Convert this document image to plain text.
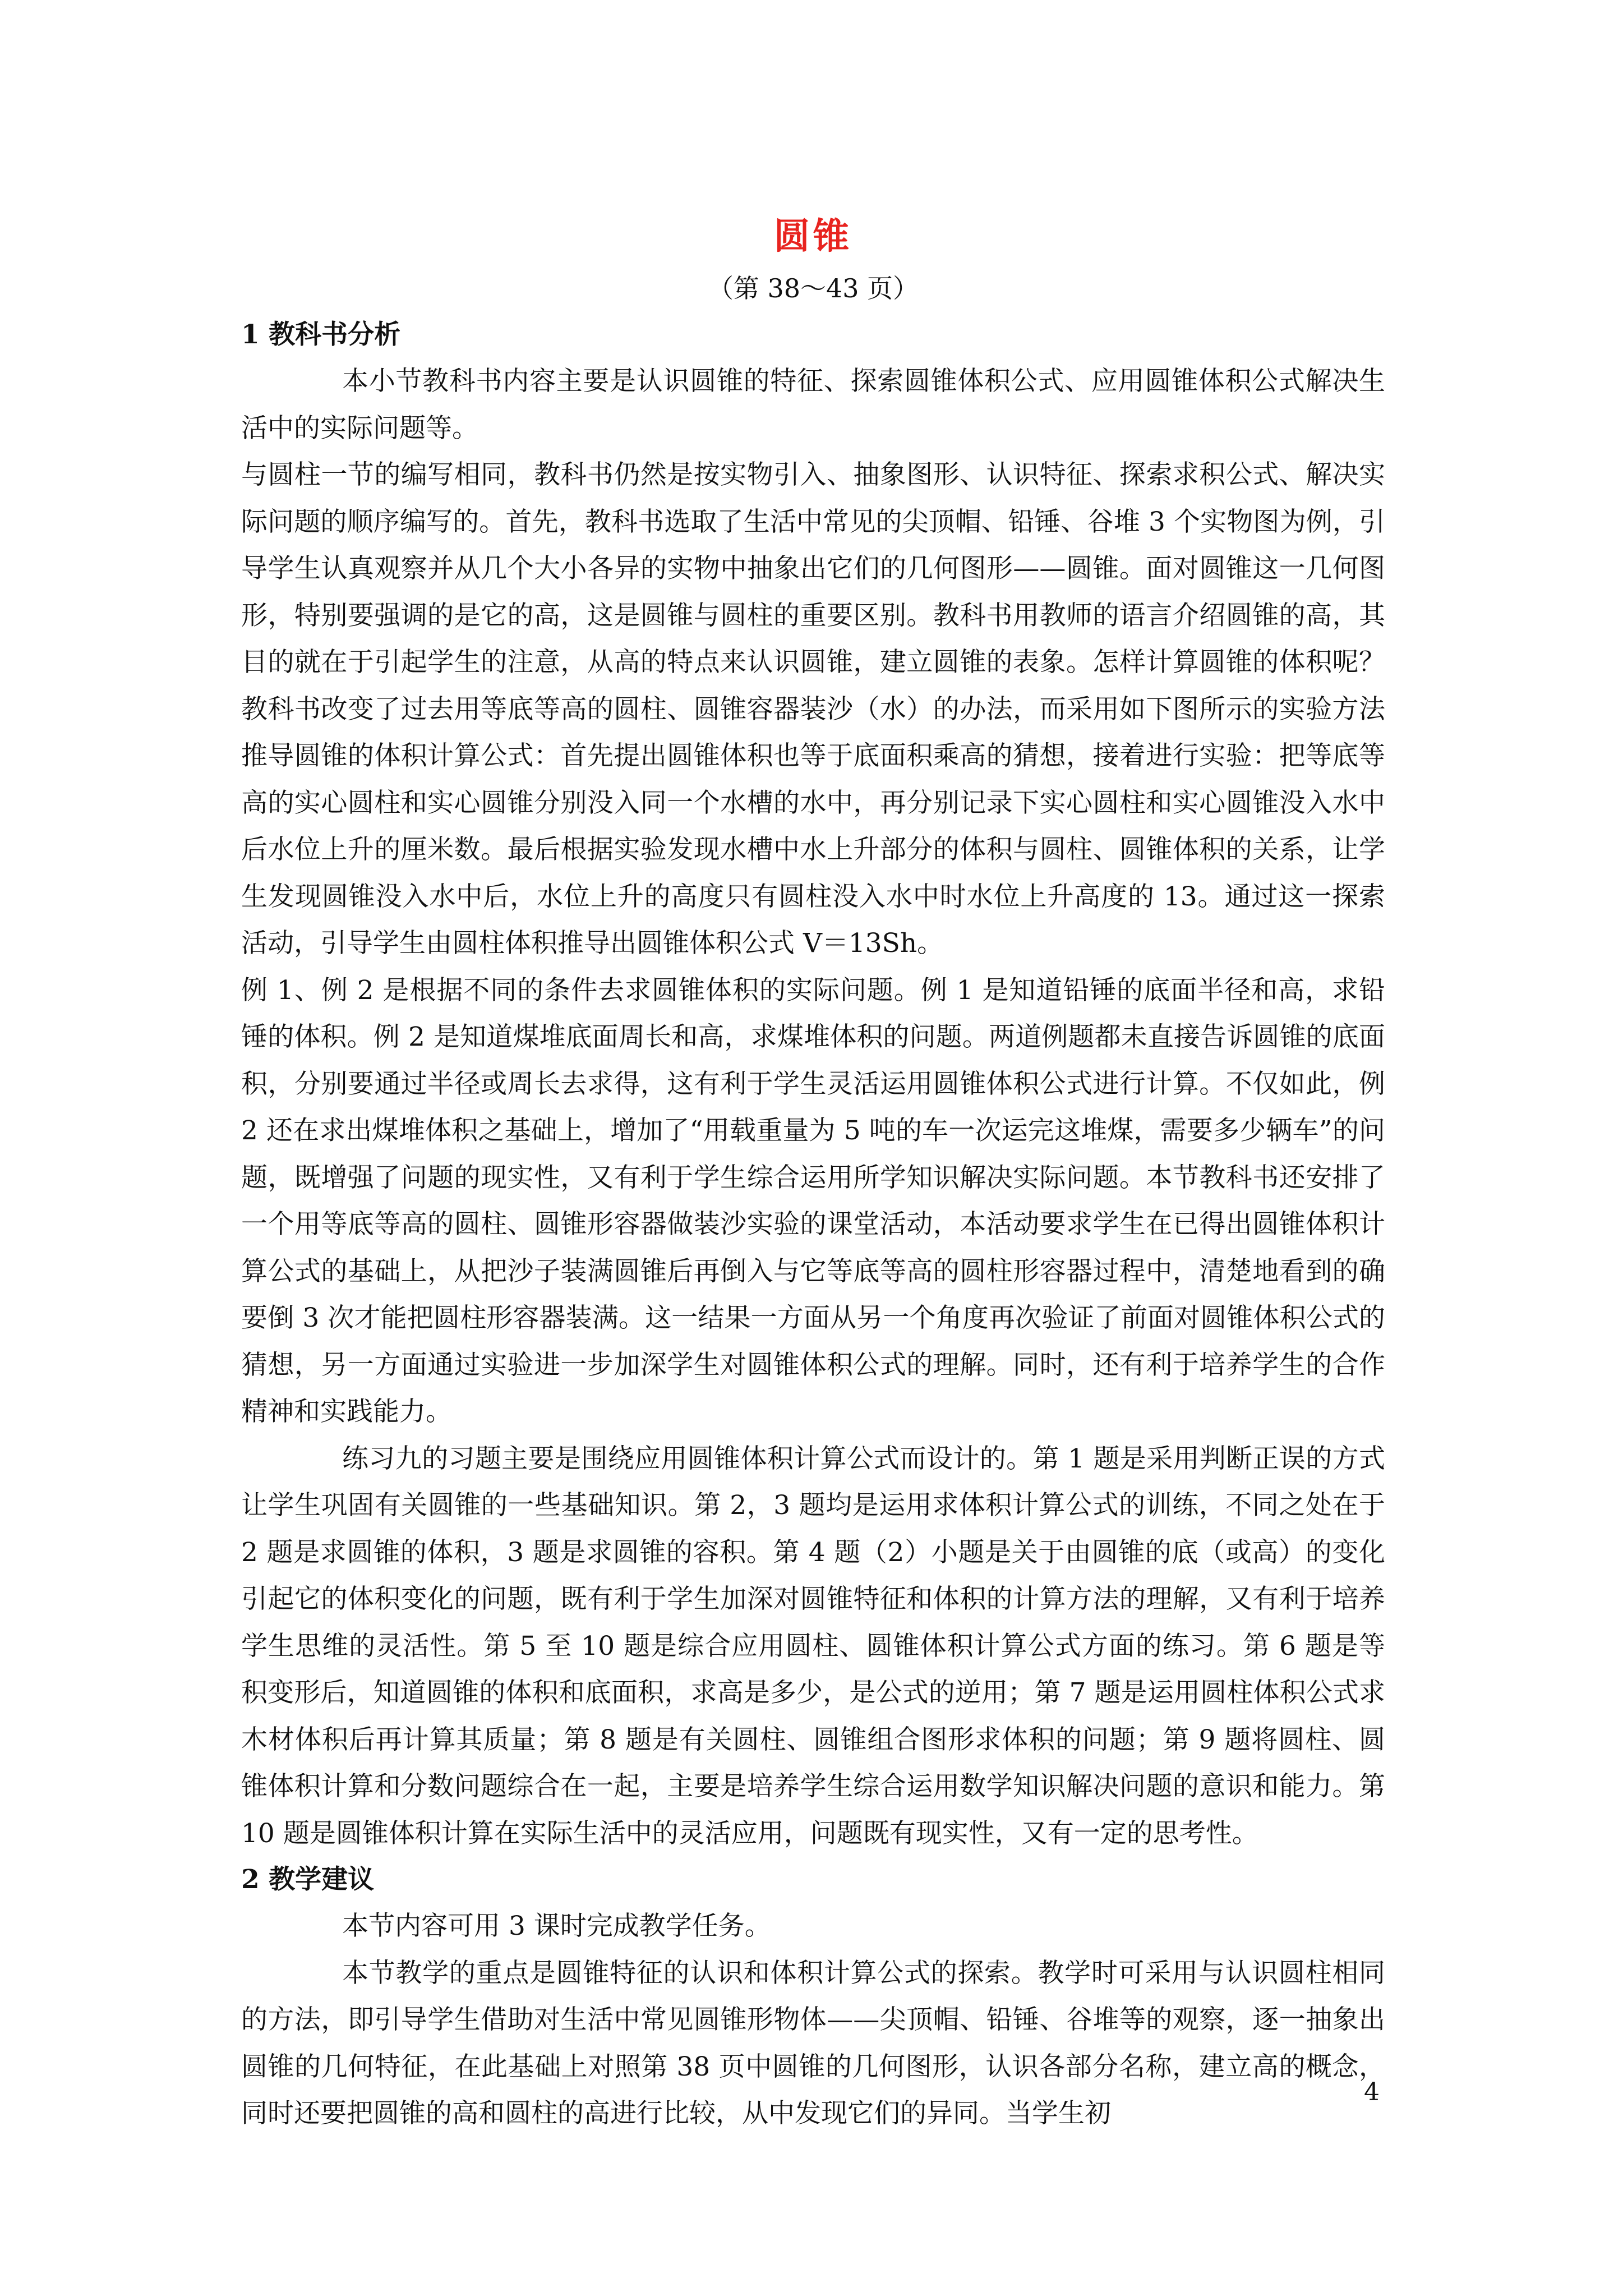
圆锥

（第 38～43 页）

1 教科书分析

本小节教科书内容主要是认识圆锥的特征、探索圆锥体积公式、应用圆锥体积公式解决生活中的实际问题等。

与圆柱一节的编写相同，教科书仍然是按实物引入、抽象图形、认识特征、探索求积公式、解决实际问题的顺序编写的。首先，教科书选取了生活中常见的尖顶帽、铅锤、谷堆 3 个实物图为例，引导学生认真观察并从几个大小各异的实物中抽象出它们的几何图形——圆锥。面对圆锥这一几何图形，特别要强调的是它的高，这是圆锥与圆柱的重要区别。教科书用教师的语言介绍圆锥的高，其目的就在于引起学生的注意，从高的特点来认识圆锥，建立圆锥的表象。怎样计算圆锥的体积呢？教科书改变了过去用等底等高的圆柱、圆锥容器装沙（水）的办法，而采用如下图所示的实验方法推导圆锥的体积计算公式：首先提出圆锥体积也等于底面积乘高的猜想，接着进行实验：把等底等高的实心圆柱和实心圆锥分别没入同一个水槽的水中，再分别记录下实心圆柱和实心圆锥没入水中后水位上升的厘米数。最后根据实验发现水槽中水上升部分的体积与圆柱、圆锥体积的关系，让学生发现圆锥没入水中后，水位上升的高度只有圆柱没入水中时水位上升高度的 13。通过这一探索活动，引导学生由圆柱体积推导出圆锥体积公式 V＝13Sh。

例 1、例 2 是根据不同的条件去求圆锥体积的实际问题。例 1 是知道铅锤的底面半径和高，求铅锤的体积。例 2 是知道煤堆底面周长和高，求煤堆体积的问题。两道例题都未直接告诉圆锥的底面积，分别要通过半径或周长去求得，这有利于学生灵活运用圆锥体积公式进行计算。不仅如此，例 2 还在求出煤堆体积之基础上，增加了“用载重量为 5 吨的车一次运完这堆煤，需要多少辆车”的问题，既增强了问题的现实性，又有利于学生综合运用所学知识解决实际问题。本节教科书还安排了一个用等底等高的圆柱、圆锥形容器做装沙实验的课堂活动，本活动要求学生在已得出圆锥体积计算公式的基础上，从把沙子装满圆锥后再倒入与它等底等高的圆柱形容器过程中，清楚地看到的确要倒 3 次才能把圆柱形容器装满。这一结果一方面从另一个角度再次验证了前面对圆锥体积公式的猜想，另一方面通过实验进一步加深学生对圆锥体积公式的理解。同时，还有利于培养学生的合作精神和实践能力。

练习九的习题主要是围绕应用圆锥体积计算公式而设计的。第 1 题是采用判断正误的方式让学生巩固有关圆锥的一些基础知识。第 2，3 题均是运用求体积计算公式的训练，不同之处在于 2 题是求圆锥的体积，3 题是求圆锥的容积。第 4 题（2）小题是关于由圆锥的底（或高）的变化引起它的体积变化的问题，既有利于学生加深对圆锥特征和体积的计算方法的理解，又有利于培养学生思维的灵活性。第 5 至 10 题是综合应用圆柱、圆锥体积计算公式方面的练习。第 6 题是等积变形后，知道圆锥的体积和底面积，求高是多少，是公式的逆用；第 7 题是运用圆柱体积公式求木材体积后再计算其质量；第 8 题是有关圆柱、圆锥组合图形求体积的问题；第 9 题将圆柱、圆锥体积计算和分数问题综合在一起，主要是培养学生综合运用数学知识解决问题的意识和能力。第 10 题是圆锥体积计算在实际生活中的灵活应用，问题既有现实性，又有一定的思考性。

2 教学建议

本节内容可用 3 课时完成教学任务。

本节教学的重点是圆锥特征的认识和体积计算公式的探索。教学时可采用与认识圆柱相同的方法，即引导学生借助对生活中常见圆锥形物体——尖顶帽、铅锤、谷堆等的观察，逐一抽象出圆锥的几何特征，在此基础上对照第 38 页中圆锥的几何图形，认识各部分名称，建立高的概念，同时还要把圆锥的高和圆柱的高进行比较，从中发现它们的异同。当学生初

4
